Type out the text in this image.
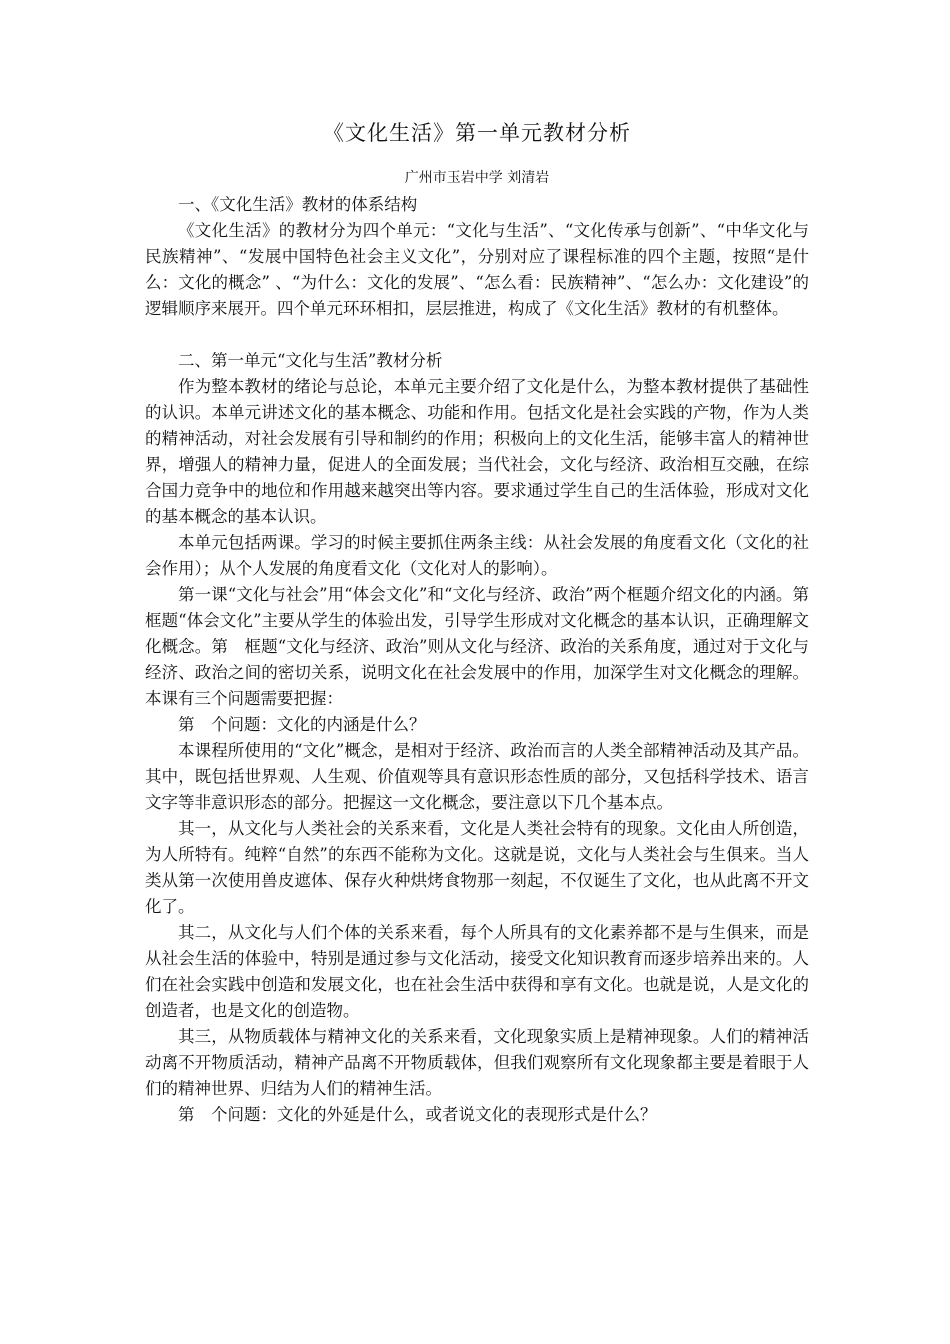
《文化生活》第一单元教材分析

广州市玉岩中学 刘清岩

一、《文化生活》教材的体系结构

《文化生活》的教材分为四个单元：“文化与生活”、“文化传承与创新”、“中华文化与民族精神”、“发展中国特色社会主义文化”，分别对应了课程标准的四个主题，按照“是什么：文化的概念” 、“为什么：文化的发展”、“怎么看：民族精神”、“怎么办：文化建设”的逻辑顺序来展开。四个单元环环相扣，层层推进，构成了《文化生活》教材的有机整体。

二、第一单元“文化与生活”教材分析

作为整本教材的绪论与总论，本单元主要介绍了文化是什么，为整本教材提供了基础性的认识。本单元讲述文化的基本概念、功能和作用。包括文化是社会实践的产物，作为人类的精神活动，对社会发展有引导和制约的作用；积极向上的文化生活，能够丰富人的精神世界，增强人的精神力量，促进人的全面发展；当代社会，文化与经济、政治相互交融，在综合国力竞争中的地位和作用越来越突出等内容。要求通过学生自己的生活体验，形成对文化的基本概念的基本认识。

本单元包括两课。学习的时候主要抓住两条主线：从社会发展的角度看文化（文化的社会作用）；从个人发展的角度看文化（文化对人的影响）。

第一课“文化与社会”用“体会文化”和“文化与经济、政治”两个框题介绍文化的内涵。第　框题“体会文化”主要从学生的体验出发，引导学生形成对文化概念的基本认识，正确理解文化概念。第　框题“文化与经济、政治”则从文化与经济、政治的关系角度，通过对于文化与经济、政治之间的密切关系，说明文化在社会发展中的作用，加深学生对文化概念的理解。本课有三个问题需要把握：

第　个问题：文化的内涵是什么？

本课程所使用的“文化”概念，是相对于经济、政治而言的人类全部精神活动及其产品。其中，既包括世界观、人生观、价值观等具有意识形态性质的部分，又包括科学技术、语言文字等非意识形态的部分。把握这一文化概念，要注意以下几个基本点。

其一，从文化与人类社会的关系来看，文化是人类社会特有的现象。文化由人所创造，为人所特有。纯粹“自然”的东西不能称为文化。这就是说，文化与人类社会与生俱来。当人类从第一次使用兽皮遮体、保存火种烘烤食物那一刻起，不仅诞生了文化，也从此离不开文化了。

其二，从文化与人们个体的关系来看，每个人所具有的文化素养都不是与生俱来，而是从社会生活的体验中，特别是通过参与文化活动，接受文化知识教育而逐步培养出来的。人们在社会实践中创造和发展文化，也在社会生活中获得和享有文化。也就是说，人是文化的创造者，也是文化的创造物。

其三，从物质载体与精神文化的关系来看，文化现象实质上是精神现象。人们的精神活动离不开物质活动，精神产品离不开物质载体，但我们观察所有文化现象都主要是着眼于人们的精神世界、归结为人们的精神生活。

第　个问题：文化的外延是什么，或者说文化的表现形式是什么？
